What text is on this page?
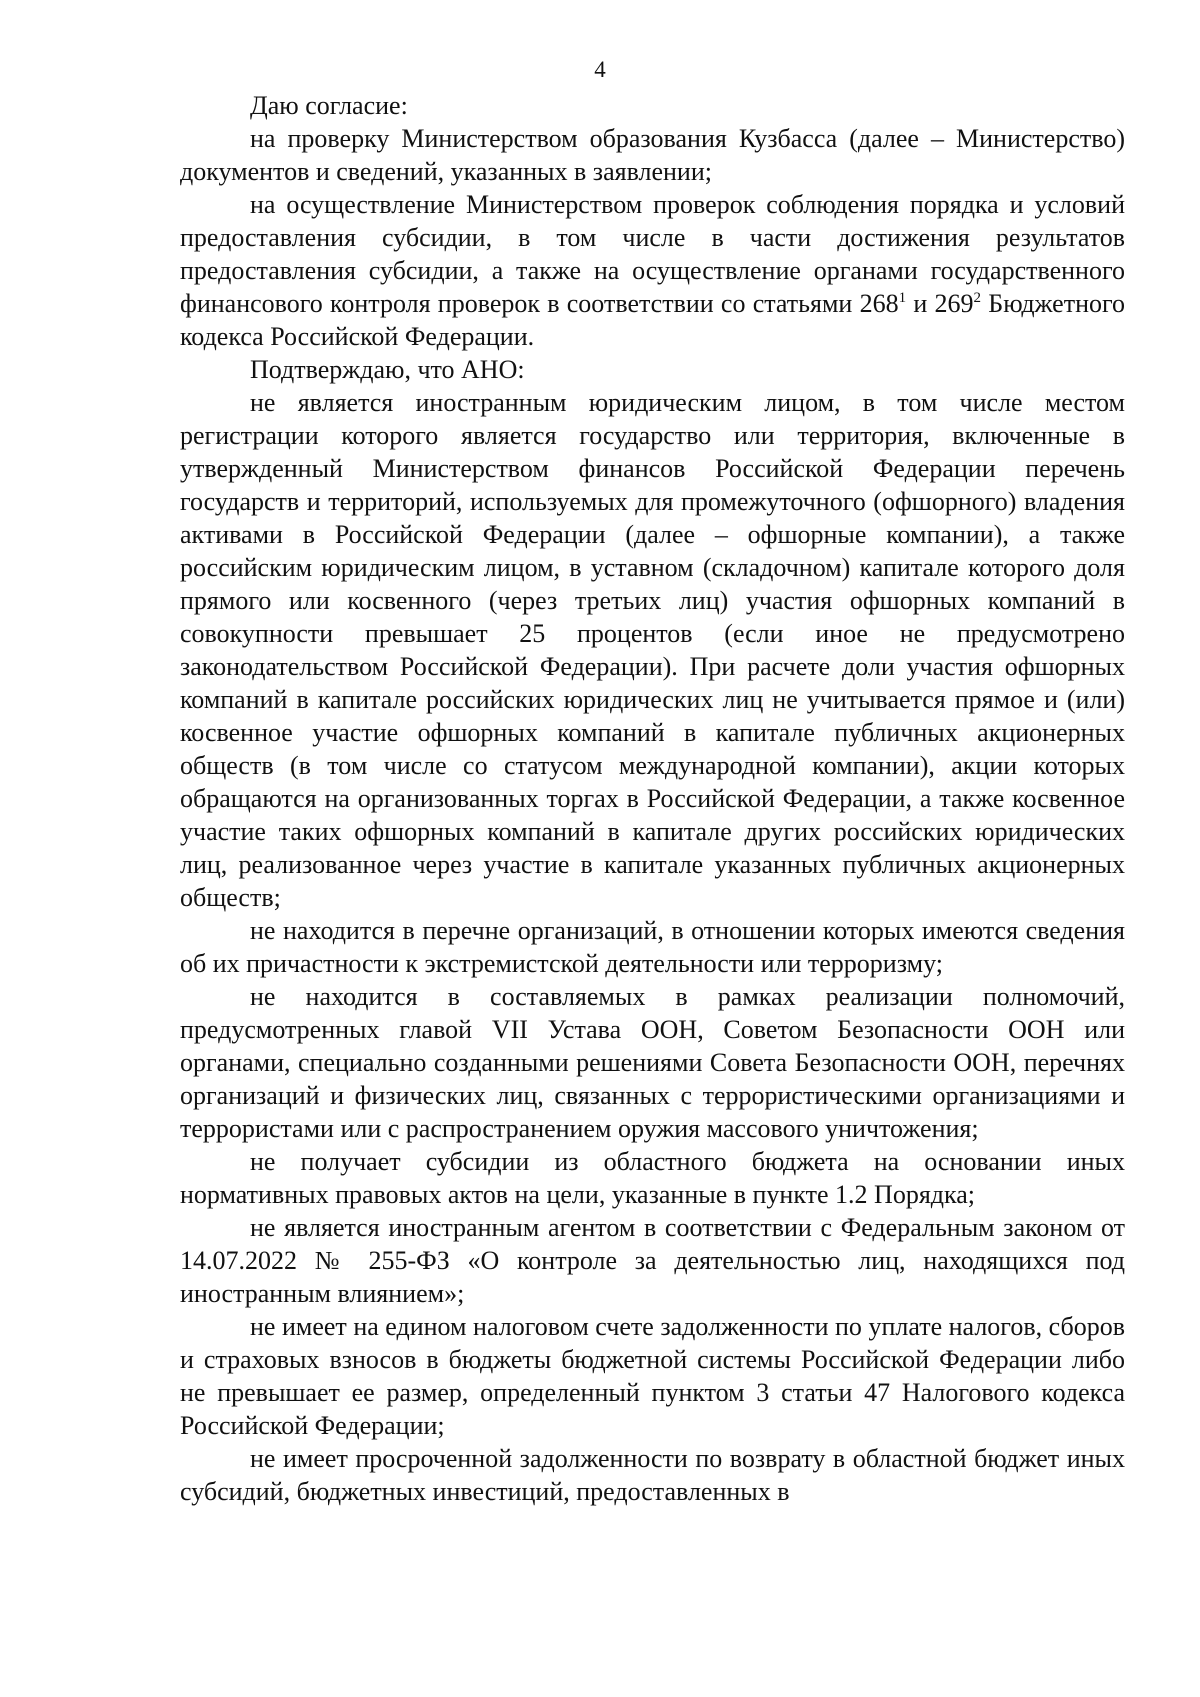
4

Даю согласие:

на проверку Министерством образования Кузбасса (далее – Министерство) документов и сведений, указанных в заявлении;

на осуществление Министерством проверок соблюдения порядка и условий предоставления субсидии, в том числе в части достижения результатов предоставления субсидии, а также на осуществление органами государственного финансового контроля проверок в соответствии со статьями $268^1$ и $269^2$ Бюджетного кодекса Российской Федерации.

Подтверждаю, что АНО:

не является иностранным юридическим лицом, в том числе местом регистрации которого является государство или территория, включенные в утвержденный Министерством финансов Российской Федерации перечень государств и территорий, используемых для промежуточного (офшорного) владения активами в Российской Федерации (далее – офшорные компании), а также российским юридическим лицом, в уставном (складочном) капитале которого доля прямого или косвенного (через третьих лиц) участия офшорных компаний в совокупности превышает 25 процентов (если иное не предусмотрено законодательством Российской Федерации). При расчете доли участия офшорных компаний в капитале российских юридических лиц не учитывается прямое и (или) косвенное участие офшорных компаний в капитале публичных акционерных обществ (в том числе со статусом международной компании), акции которых обращаются на организованных торгах в Российской Федерации, а также косвенное участие таких офшорных компаний в капитале других российских юридических лиц, реализованное через участие в капитале указанных публичных акционерных обществ;

не находится в перечне организаций, в отношении которых имеются сведения об их причастности к экстремистской деятельности или терроризму;

не находится в составляемых в рамках реализации полномочий, предусмотренных главой VII Устава ООН, Советом Безопасности ООН или органами, специально созданными решениями Совета Безопасности ООН, перечнях организаций и физических лиц, связанных с террористическими организациями и террористами или с распространением оружия массового уничтожения;

не получает субсидии из областного бюджета на основании иных нормативных правовых актов на цели, указанные в пункте 1.2 Порядка;

не является иностранным агентом в соответствии с Федеральным законом от 14.07.2022 № 255-ФЗ «О контроле за деятельностью лиц, находящихся под иностранным влиянием»;

не имеет на едином налоговом счете задолженности по уплате налогов, сборов и страховых взносов в бюджеты бюджетной системы Российской Федерации либо не превышает ее размер, определенный пунктом 3 статьи 47 Налогового кодекса Российской Федерации;

не имеет просроченной задолженности по возврату в областной бюджет иных субсидий, бюджетных инвестиций, предоставленных в
